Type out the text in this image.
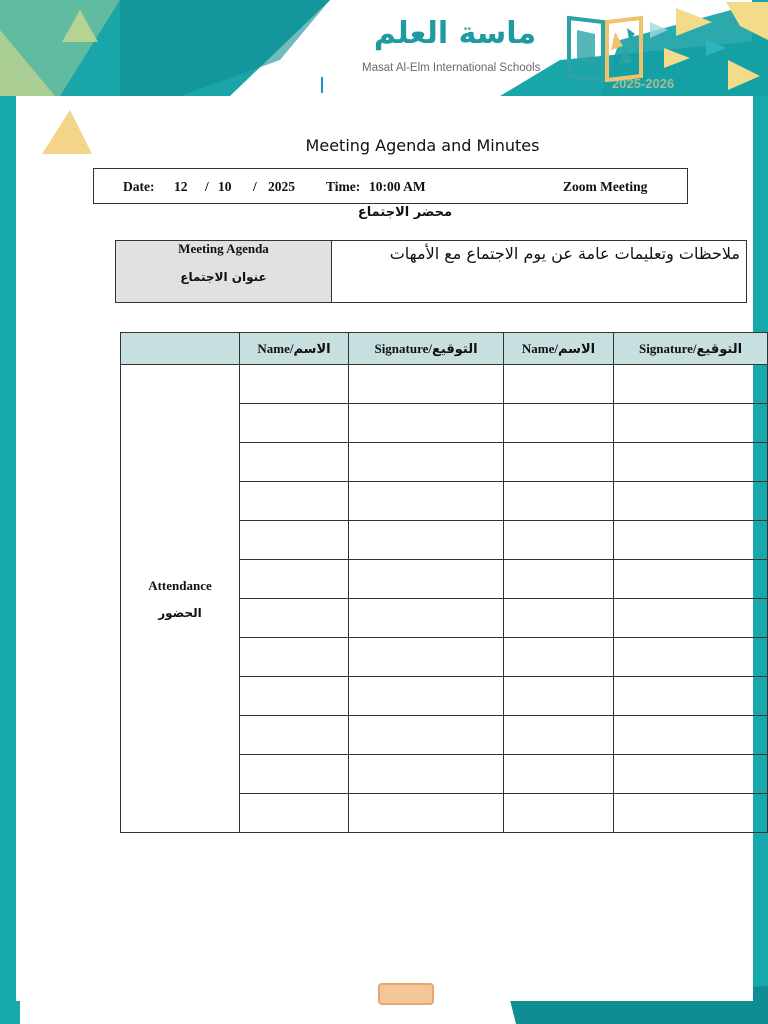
ماسة العلم
Masat Al-Elm International Schools
2025-2026
Meeting Agenda and Minutes
Date: 12 / 10 / 2025 Time: 10:00 AM	Zoom Meeting
محضر الاجتماع
Meeting Agenda
عنوان الاجتماع
ملاحظات وتعليمات عامة عن يوم الاجتماع مع الأمهات
	Name/الاسم	Signature/التوقيع	Name/الاسم	Signature/التوقيع

Attendance
الحضور				
